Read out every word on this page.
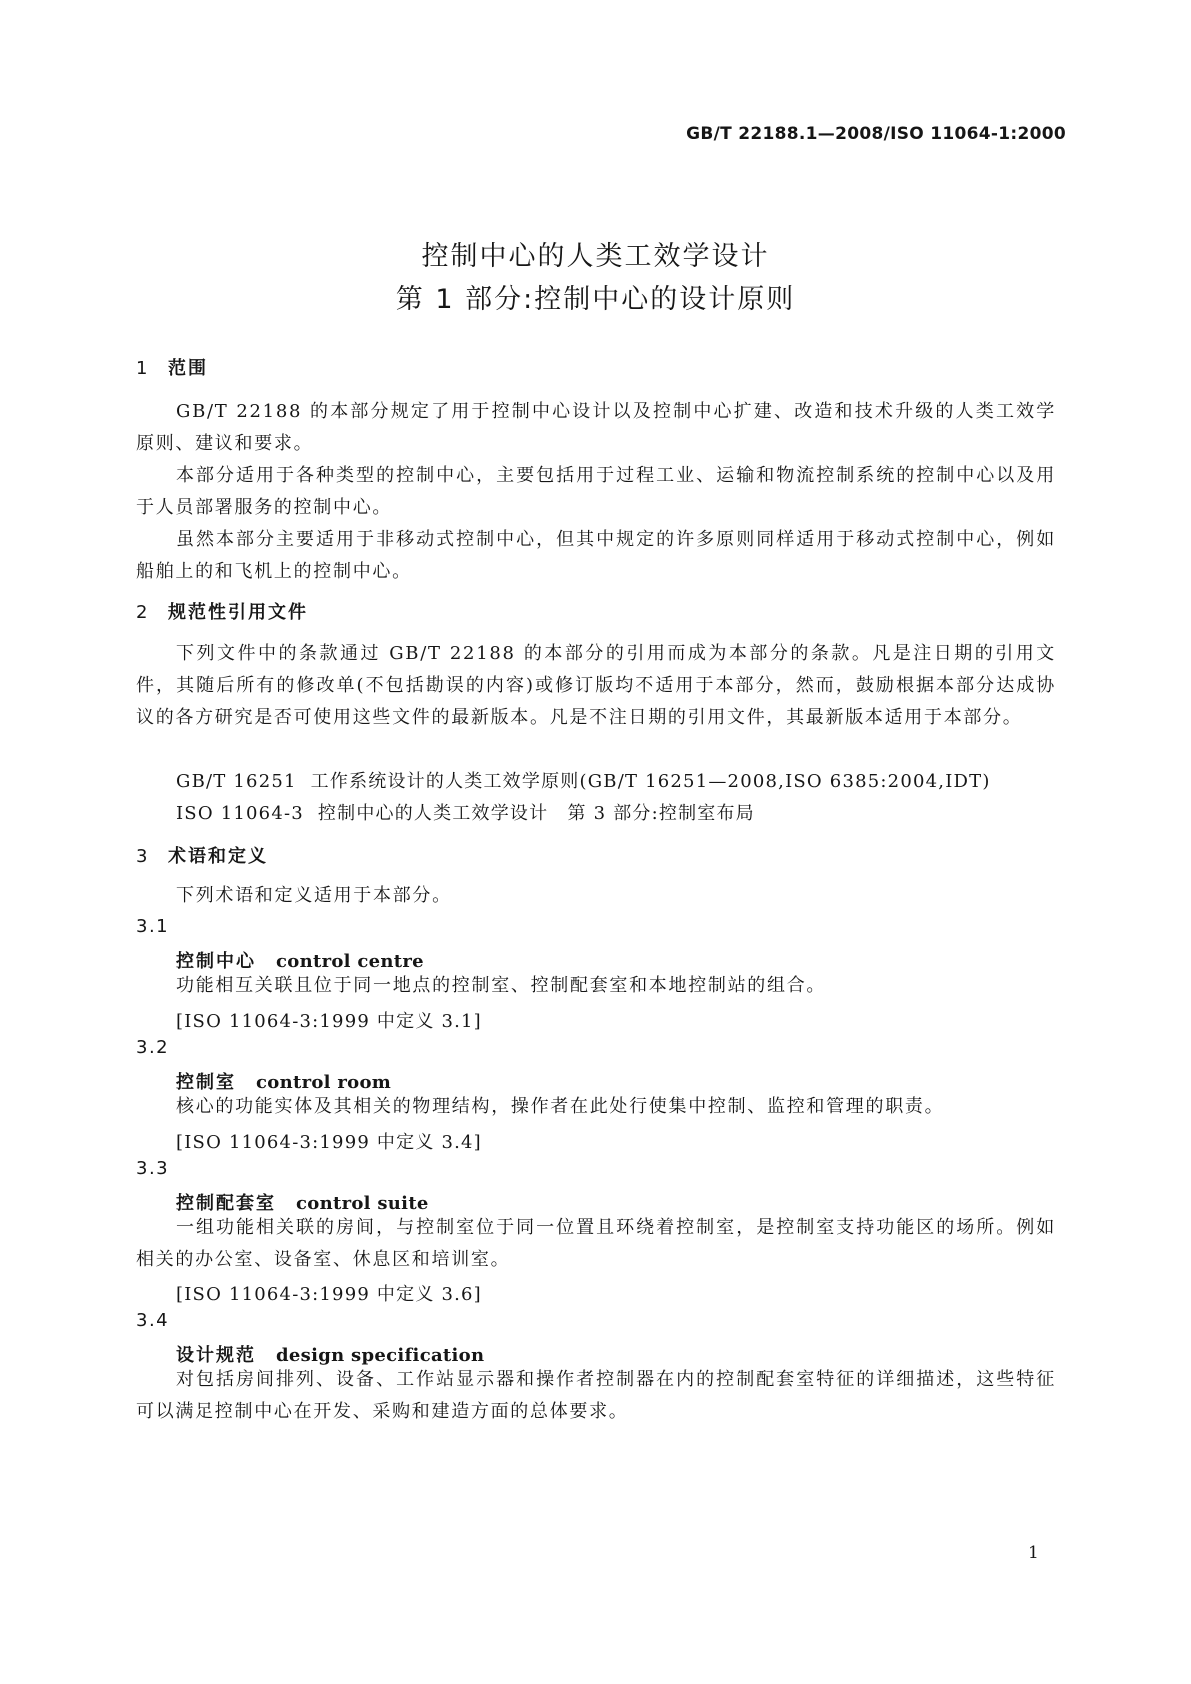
GB/T 22188.1—2008/ISO 11064-1:2000
控制中心的人类工效学设计
第 1 部分:控制中心的设计原则
1 范围

GB/T 22188 的本部分规定了用于控制中心设计以及控制中心扩建、改造和技术升级的人类工效学原则、建议和要求。

本部分适用于各种类型的控制中心，主要包括用于过程工业、运输和物流控制系统的控制中心以及用于人员部署服务的控制中心。

虽然本部分主要适用于非移动式控制中心，但其中规定的许多原则同样适用于移动式控制中心，例如船舶上的和飞机上的控制中心。

2 规范性引用文件

下列文件中的条款通过 GB/T 22188 的本部分的引用而成为本部分的条款。凡是注日期的引用文件，其随后所有的修改单(不包括勘误的内容)或修订版均不适用于本部分，然而，鼓励根据本部分达成协议的各方研究是否可使用这些文件的最新版本。凡是不注日期的引用文件，其最新版本适用于本部分。

GB/T 16251 工作系统设计的人类工效学原则(GB/T 16251—2008,ISO 6385:2004,IDT)

ISO 11064-3 控制中心的人类工效学设计　第 3 部分:控制室布局

3 术语和定义

下列术语和定义适用于本部分。

3.1

控制中心 control centre

功能相互关联且位于同一地点的控制室、控制配套室和本地控制站的组合。

[ISO 11064-3:1999 中定义 3.1]

3.2

控制室 control room

核心的功能实体及其相关的物理结构，操作者在此处行使集中控制、监控和管理的职责。

[ISO 11064-3:1999 中定义 3.4]

3.3

控制配套室 control suite

一组功能相关联的房间，与控制室位于同一位置且环绕着控制室，是控制室支持功能区的场所。例如相关的办公室、设备室、休息区和培训室。

[ISO 11064-3:1999 中定义 3.6]

3.4

设计规范 design specification

对包括房间排列、设备、工作站显示器和操作者控制器在内的控制配套室特征的详细描述，这些特征可以满足控制中心在开发、采购和建造方面的总体要求。

1
